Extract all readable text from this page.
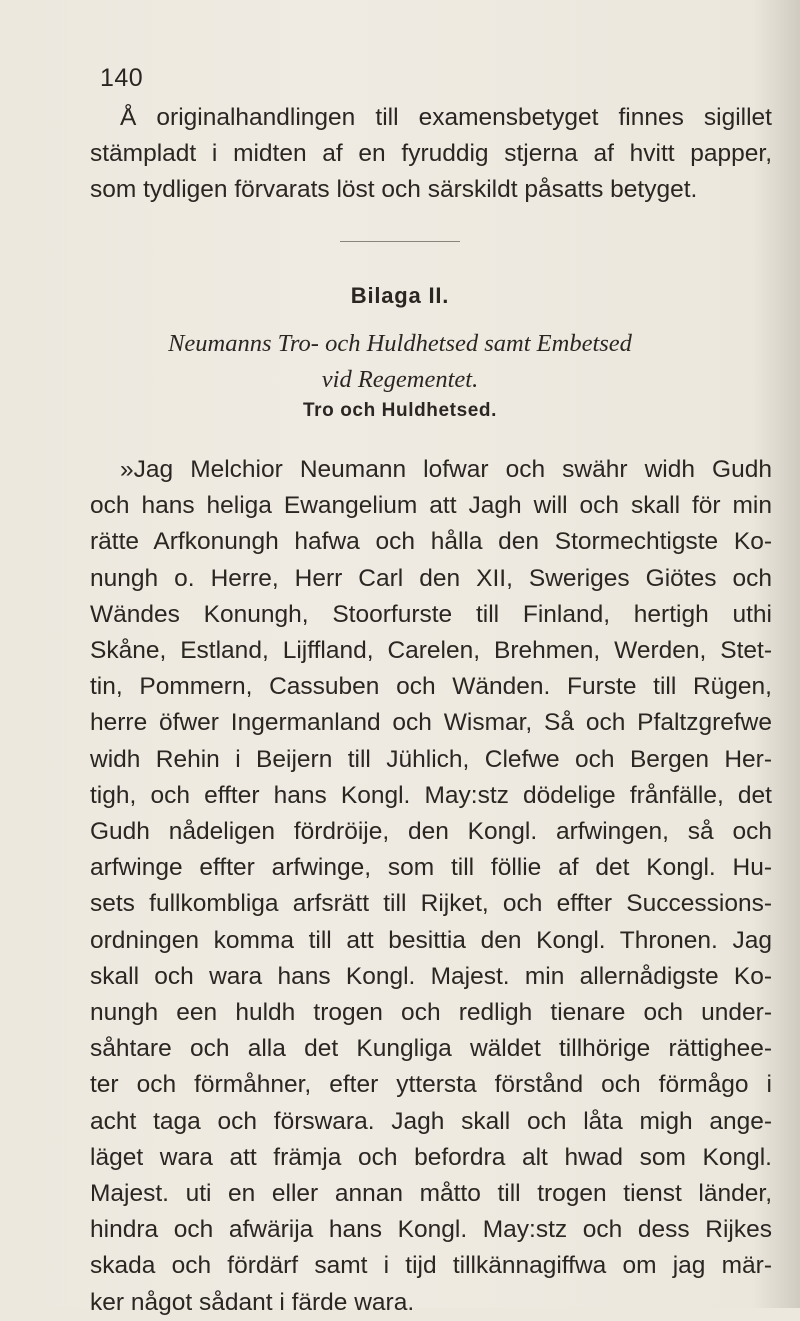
140
Å originalhandlingen till examensbetyget finnes sigillet
stämpladt i midten af en fyruddig stjerna af hvitt papper,
som tydligen förvarats löst och särskildt påsatts betyget.
Bilaga II.
Neumanns Tro- och Huldhetsed samt Embetsed
vid Regementet.
Tro och Huldhetsed.
»Jag Melchior Neumann lofwar och swähr widh Gudh
och hans heliga Ewangelium att Jagh will och skall för min
rätte Arfkonungh hafwa och hålla den Stormechtigste Ko-
nungh o. Herre, Herr Carl den XII, Sweriges Giötes och
Wändes Konungh, Stoorfurste till Finland, hertigh uthi
Skåne, Estland, Lijffland, Carelen, Brehmen, Werden, Stet-
tin, Pommern, Cassuben och Wänden. Furste till Rügen,
herre öfwer Ingermanland och Wismar, Så och Pfaltzgrefwe
widh Rehin i Beijern till Jühlich, Clefwe och Bergen Her-
tigh, och effter hans Kongl. May:stz dödelige frånfälle, det
Gudh nådeligen fördröije, den Kongl. arfwingen, så och
arfwinge effter arfwinge, som till föllie af det Kongl. Hu-
sets fullkombliga arfsrätt till Rijket, och effter Successions-
ordningen komma till att besittia den Kongl. Thronen. Jag
skall och wara hans Kongl. Majest. min allernådigste Ko-
nungh een huldh trogen och redligh tienare och under-
såhtare och alla det Kungliga wäldet tillhörige rättighee-
ter och förmåhner, efter yttersta förstånd och förmågo i
acht taga och förswara. Jagh skall och låta migh ange-
läget wara att främja och befordra alt hwad som Kongl.
Majest. uti en eller annan måtto till trogen tienst länder,
hindra och afwärija hans Kongl. May:stz och dess Rijkes
skada och fördärf samt i tijd tillkännagiffwa om jag mär-
ker något sådant i färde wara.
